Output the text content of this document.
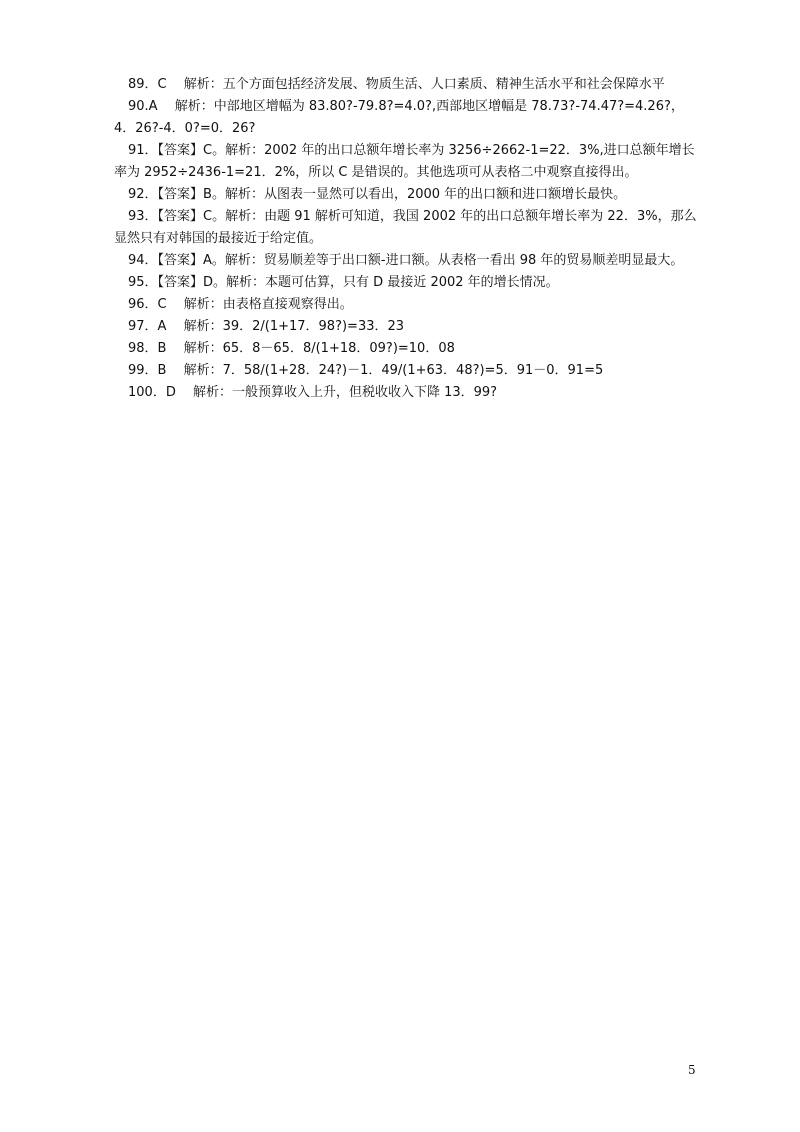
89．C　 解析：五个方面包括经济发展、物质生活、人口素质、精神生活水平和社会保障水平

90.A　 解析：中部地区增幅为 83.80?-79.8?=4.0?,西部地区增幅是 78.73?-74.47?=4.26?，4．26?-4．0?=0．26?

91．【答案】C。解析：2002 年的出口总额年增长率为 3256÷2662-1=22．3%,进口总额年增长率为 2952÷2436-1=21．2%，所以 C 是错误的。其他选项可从表格二中观察直接得出。

92．【答案】B。解析：从图表一显然可以看出，2000 年的出口额和进口额增长最快。

93．【答案】C。解析：由题 91 解析可知道，我国 2002 年的出口总额年增长率为 22．3%，那么显然只有对韩国的最接近于给定值。

94．【答案】A。解析：贸易顺差等于出口额-进口额。从表格一看出 98 年的贸易顺差明显最大。

95．【答案】D。解析：本题可估算，只有 D 最接近 2002 年的增长情况。

96．C　 解析：由表格直接观察得出。

97．A　 解析：39．2/(1+17．98?)=33．23

98．B　 解析：65．8－65．8/(1+18．09?)=10．08

99．B　 解析：7．58/(1+28．24?)－1．49/(1+63．48?)=5．91－0．91=5

100．D　 解析：一般预算收入上升，但税收收入下降 13．99?

5
